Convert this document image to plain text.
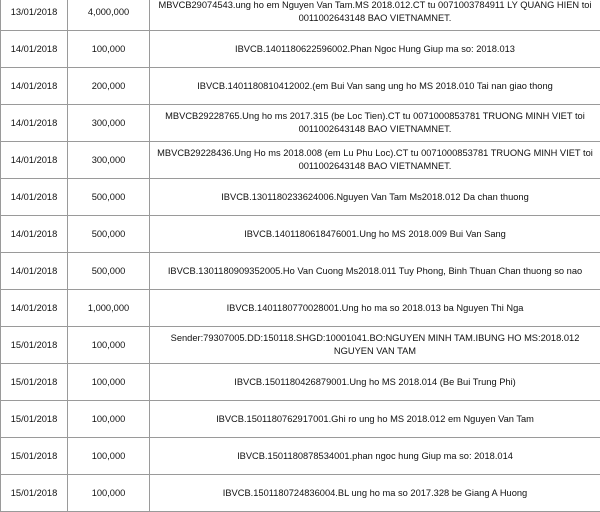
13/01/2018	4,000,000	MBVCB29074543.ung ho em Nguyen Van Tam.MS 2018.012.CT tu 0071003784911 LY QUANG HIEN toi 0011002643148 BAO VIETNAMNET.
14/01/2018	100,000	IBVCB.1401180622596002.Phan Ngoc Hung Giup ma so: 2018.013
14/01/2018	200,000	IBVCB.1401180810412002.(em Bui Van sang ung ho MS 2018.010 Tai nan giao thong
14/01/2018	300,000	MBVCB29228765.Ung ho ms 2017.315 (be Loc Tien).CT tu 0071000853781 TRUONG MINH VIET toi 0011002643148 BAO VIETNAMNET.
14/01/2018	300,000	MBVCB29228436.Ung Ho ms 2018.008 (em Lu Phu Loc).CT tu 0071000853781 TRUONG MINH VIET toi 0011002643148 BAO VIETNAMNET.
14/01/2018	500,000	IBVCB.1301180233624006.Nguyen Van Tam Ms2018.012 Da chan thuong
14/01/2018	500,000	IBVCB.1401180618476001.Ung ho MS 2018.009 Bui Van Sang
14/01/2018	500,000	IBVCB.1301180909352005.Ho Van Cuong Ms2018.011 Tuy Phong, Binh Thuan Chan thuong so nao
14/01/2018	1,000,000	IBVCB.1401180770028001.Ung ho ma so 2018.013 ba Nguyen Thi Nga
15/01/2018	100,000	Sender:79307005.DD:150118.SHGD:10001041.BO:NGUYEN MINH TAM.IBUNG HO MS:2018.012 NGUYEN VAN TAM
15/01/2018	100,000	IBVCB.1501180426879001.Ung ho MS 2018.014 (Be Bui Trung Phi)
15/01/2018	100,000	IBVCB.1501180762917001.Ghi ro ung ho MS 2018.012 em Nguyen Van Tam
15/01/2018	100,000	IBVCB.1501180878534001.phan ngoc hung Giup ma so: 2018.014
15/01/2018	100,000	IBVCB.1501180724836004.BL ung ho ma so 2017.328 be Giang A Huong
